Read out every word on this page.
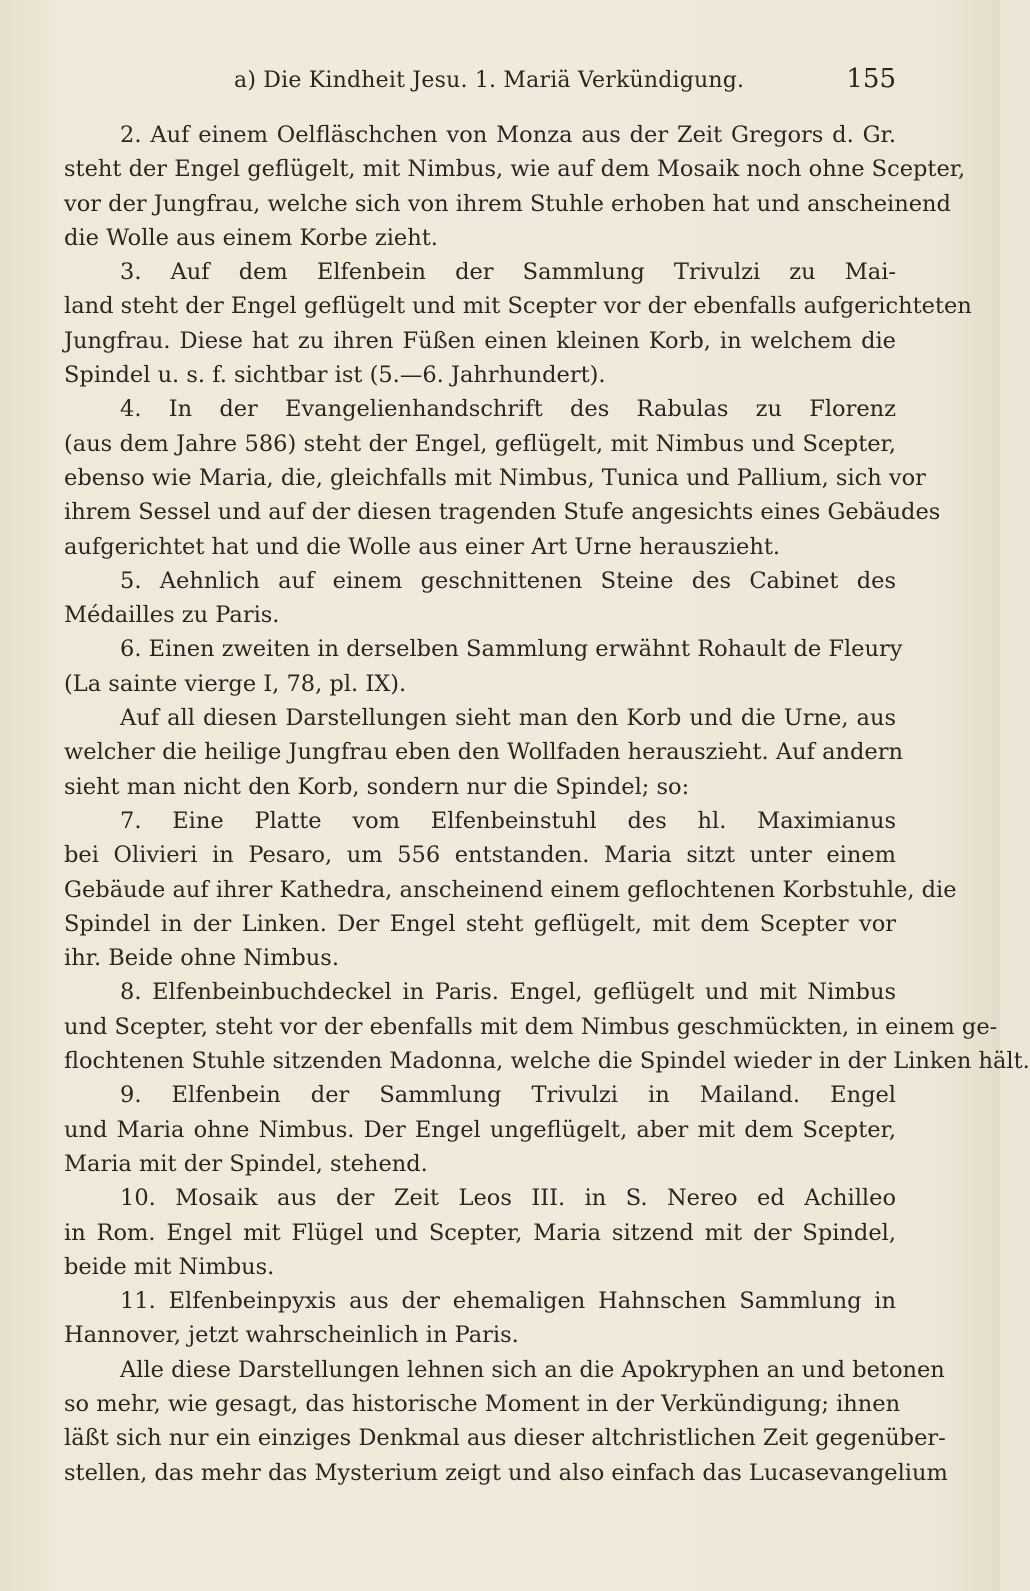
a) Die Kindheit Jesu. 1. Mariä Verkündigung.	155
2. Auf einem Oelfläschchen von Monza aus der Zeit Gregors d. Gr.
steht der Engel geflügelt, mit Nimbus, wie auf dem Mosaik noch ohne Scepter,
vor der Jungfrau, welche sich von ihrem Stuhle erhoben hat und anscheinend
die Wolle aus einem Korbe zieht.
3. Auf dem Elfenbein der Sammlung Trivulzi zu Mai-
land steht der Engel geflügelt und mit Scepter vor der ebenfalls aufgerichteten
Jungfrau. Diese hat zu ihren Füßen einen kleinen Korb, in welchem die
Spindel u. s. f. sichtbar ist (5.—6. Jahrhundert).
4. In der Evangelienhandschrift des Rabulas zu Florenz
(aus dem Jahre 586) steht der Engel, geflügelt, mit Nimbus und Scepter,
ebenso wie Maria, die, gleichfalls mit Nimbus, Tunica und Pallium, sich vor
ihrem Sessel und auf der diesen tragenden Stufe angesichts eines Gebäudes
aufgerichtet hat und die Wolle aus einer Art Urne herauszieht.
5. Aehnlich auf einem geschnittenen Steine des Cabinet des
Médailles zu Paris.
6. Einen zweiten in derselben Sammlung erwähnt Rohault de Fleury
(La sainte vierge I, 78, pl. IX).
Auf all diesen Darstellungen sieht man den Korb und die Urne, aus
welcher die heilige Jungfrau eben den Wollfaden herauszieht. Auf andern
sieht man nicht den Korb, sondern nur die Spindel; so:
7. Eine Platte vom Elfenbeinstuhl des hl. Maximianus
bei Olivieri in Pesaro, um 556 entstanden. Maria sitzt unter einem
Gebäude auf ihrer Kathedra, anscheinend einem geflochtenen Korbstuhle, die
Spindel in der Linken. Der Engel steht geflügelt, mit dem Scepter vor
ihr. Beide ohne Nimbus.
8. Elfenbeinbuchdeckel in Paris. Engel, geflügelt und mit Nimbus
und Scepter, steht vor der ebenfalls mit dem Nimbus geschmückten, in einem ge-
flochtenen Stuhle sitzenden Madonna, welche die Spindel wieder in der Linken hält.
9. Elfenbein der Sammlung Trivulzi in Mailand. Engel
und Maria ohne Nimbus. Der Engel ungeflügelt, aber mit dem Scepter,
Maria mit der Spindel, stehend.
10. Mosaik aus der Zeit Leos III. in S. Nereo ed Achilleo
in Rom. Engel mit Flügel und Scepter, Maria sitzend mit der Spindel,
beide mit Nimbus.
11. Elfenbeinpyxis aus der ehemaligen Hahnschen Sammlung in
Hannover, jetzt wahrscheinlich in Paris.
Alle diese Darstellungen lehnen sich an die Apokryphen an und betonen
so mehr, wie gesagt, das historische Moment in der Verkündigung; ihnen
läßt sich nur ein einziges Denkmal aus dieser altchristlichen Zeit gegenüber-
stellen, das mehr das Mysterium zeigt und also einfach das Lucasevangelium
